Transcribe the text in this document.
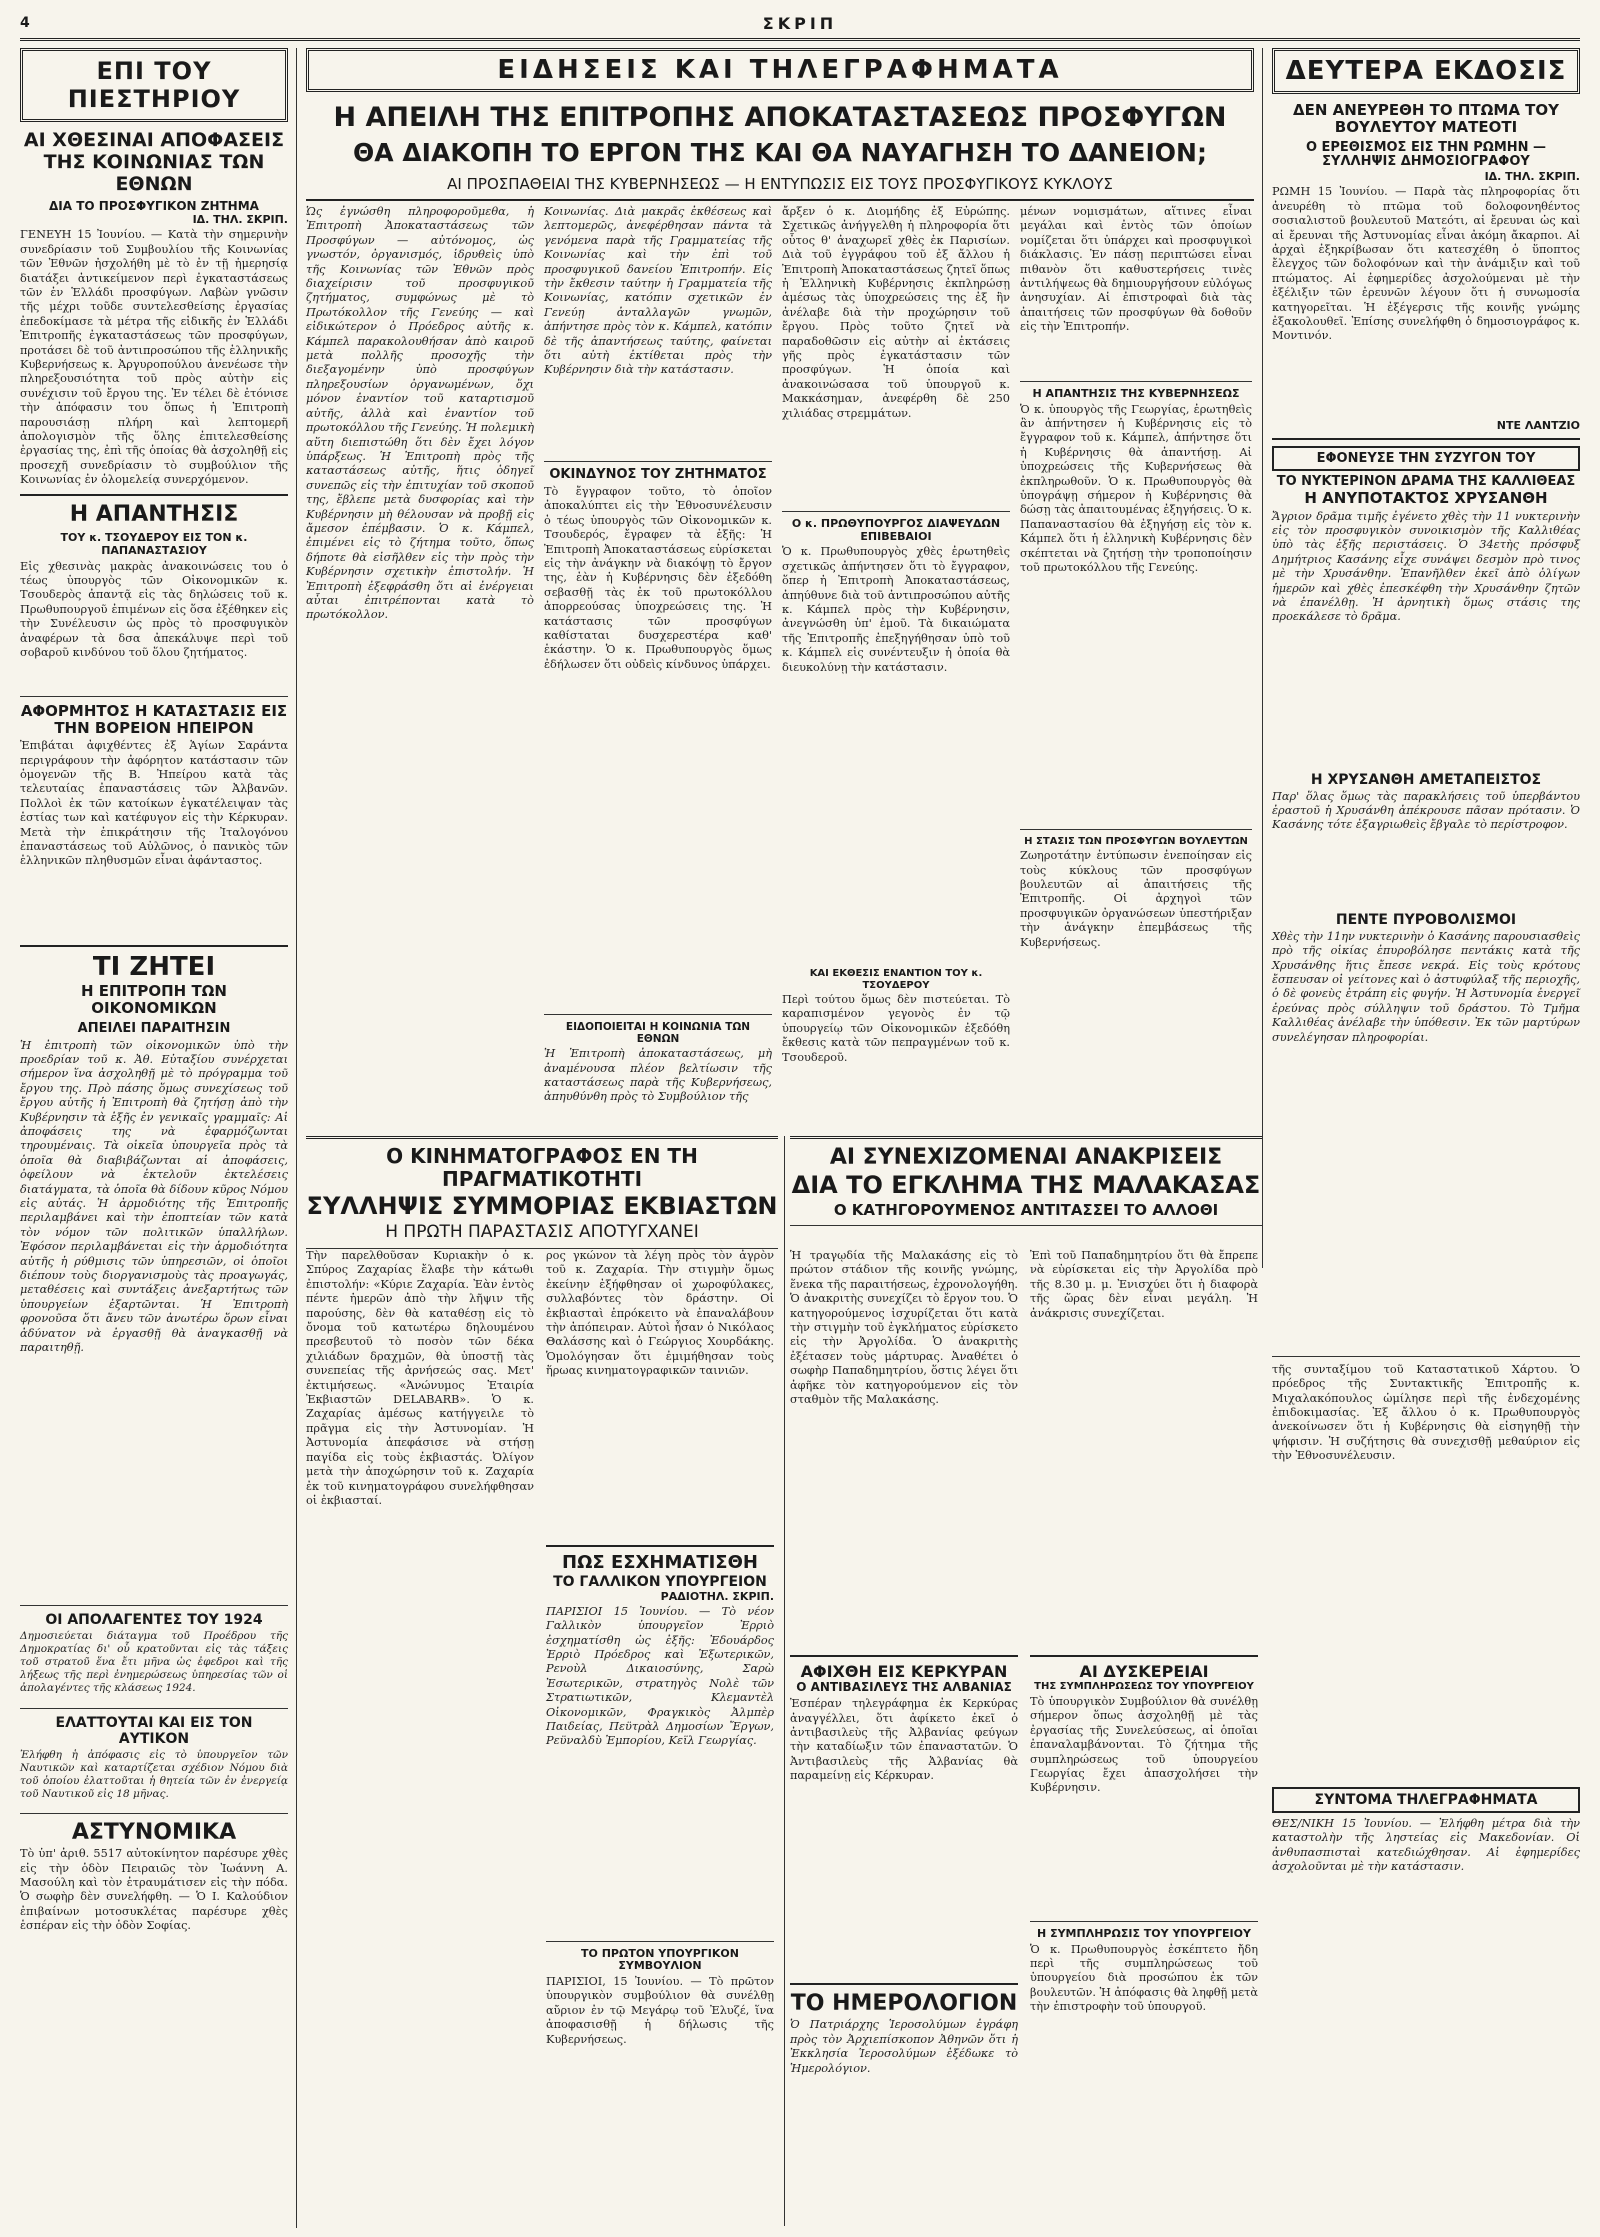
4	ΣΚΡΙΠ
ΕΠΙ ΤΟΥ ΠΙΕΣΤΗΡΙΟΥ
ΑΙ ΧΘΕΣΙΝΑΙ ΑΠΟΦΑΣΕΙΣ ΤΗΣ ΚΟΙΝΩΝΙΑΣ ΤΩΝ ΕΘΝΩΝ
ΔΙΑ ΤΟ ΠΡΟΣΦΥΓΙΚΟΝ ΖΗΤΗΜΑ
ΙΔ. ΤΗΛ. ΣΚΡΙΠ.
ΓΕΝΕΥΗ 15 Ἰουνίου. — Κατὰ τὴν σημερινὴν συνεδρίασιν τοῦ Συμβουλίου τῆς Κοινωνίας τῶν Ἐθνῶν ἠσχολήθη μὲ τὸ ἐν τῇ ἡμερησίᾳ διατάξει ἀντικείμενον περὶ ἐγκαταστάσεως τῶν ἐν Ἑλλάδι προσφύγων. Λαβὼν γνῶσιν τῆς μέχρι τοῦδε συντελεσθείσης ἐργασίας ἐπεδοκίμασε τὰ μέτρα τῆς εἰδικῆς ἐν Ἑλλάδι Ἐπιτροπῆς ἐγκαταστάσεως τῶν προσφύγων, προτάσει δὲ τοῦ ἀντιπροσώπου τῆς ἑλληνικῆς Κυβερνήσεως κ. Ἀργυροπούλου ἀνενέωσε τὴν πληρεξουσιότητα τοῦ πρὸς αὐτὴν εἰς συνέχισιν τοῦ ἔργου της. Ἐν τέλει δὲ ἐτόνισε τὴν ἀπόφασιν του ὅπως ἡ Ἐπιτροπὴ παρουσιάσῃ πλήρη καὶ λεπτομερῆ ἀπολογισμὸν τῆς ὅλης ἐπιτελεσθείσης ἐργασίας της, ἐπὶ τῆς ὁποίας θὰ ἀσχοληθῇ εἰς προσεχῆ συνεδρίασιν τὸ συμβούλιον τῆς Κοινωνίας ἐν ὁλομελείᾳ συνερχόμενον.
Η ΑΠΑΝΤΗΣΙΣ
ΤΟΥ κ. ΤΣΟΥΔΕΡΟΥ ΕΙΣ ΤΟΝ κ. ΠΑΠΑΝΑΣΤΑΣΙΟΥ
Εἰς χθεσινὰς μακρὰς ἀνακοινώσεις του ὁ τέως ὑπουργὸς τῶν Οἰκονομικῶν κ. Τσουδερὸς ἀπαντᾷ εἰς τὰς δηλώσεις τοῦ κ. Πρωθυπουργοῦ ἐπιμένων εἰς ὅσα ἐξέθηκεν εἰς τὴν Συνέλευσιν ὡς πρὸς τὸ προσφυγικὸν ἀναφέρων τὰ δσα ἀπεκάλυψε περὶ τοῦ σοβαροῦ κινδύνου τοῦ ὅλου ζητήματος.
ΑΦΟΡΜΗΤΟΣ Η ΚΑΤΑΣΤΑΣΙΣ ΕΙΣ ΤΗΝ ΒΟΡΕΙΟΝ ΗΠΕΙΡΟΝ
Ἐπιβάται ἀφιχθέντες ἐξ Ἁγίων Σαράντα περιγράφουν τὴν ἀφόρητον κατάστασιν τῶν ὁμογενῶν τῆς Β. Ἠπείρου κατὰ τὰς τελευταίας ἐπαναστάσεις τῶν Ἀλβανῶν. Πολλοὶ ἐκ τῶν κατοίκων ἐγκατέλειψαν τὰς ἑστίας των καὶ κατέφυγον εἰς τὴν Κέρκυραν. Μετὰ τὴν ἐπικράτησιν τῆς Ἰταλογόνου ἐπαναστάσεως τοῦ Αὐλῶνος, ὁ πανικὸς τῶν ἑλληνικῶν πληθυσμῶν εἶναι ἀφάνταστος.
ΤΙ ΖΗΤΕΙ
Η ΕΠΙΤΡΟΠΗ ΤΩΝ ΟΙΚΟΝΟΜΙΚΩΝ
ΑΠΕΙΛΕΙ ΠΑΡΑΙΤΗΣΙΝ
Ἡ ἐπιτροπὴ τῶν οἰκονομικῶν ὑπὸ τὴν προεδρίαν τοῦ κ. Ἀθ. Εὐταξίου συνέρχεται σήμερον ἵνα ἀσχοληθῇ μὲ τὸ πρόγραμμα τοῦ ἔργου της. Πρὸ πάσης ὅμως συνεχίσεως τοῦ ἔργου αὐτῆς ἡ Ἐπιτροπὴ θὰ ζητήσῃ ἀπὸ τὴν Κυβέρνησιν τὰ ἑξῆς ἐν γενικαῖς γραμμαῖς: Αἱ ἀποφάσεις της νὰ ἐφαρμόζωνται τηρουμέναις. Τὰ οἰκεῖα ὑπουργεῖα πρὸς τὰ ὁποῖα θὰ διαβιβάζωνται αἱ ἀποφάσεις, ὀφείλουν νὰ ἐκτελοῦν ἐκτελέσεις διατάγματα, τὰ ὁποῖα θὰ δίδουν κῦρος Νόμου εἰς αὐτάς. Ἡ ἁρμοδιότης τῆς Ἐπιτροπῆς περιλαμβάνει καὶ τὴν ἐποπτείαν τῶν κατὰ τὸν νόμον τῶν πολιτικῶν ὑπαλλήλων. Ἐφόσον περιλαμβάνεται εἰς τὴν ἁρμοδιότητα αὐτῆς ἡ ρύθμισις τῶν ὑπηρεσιῶν, οἱ ὁποῖοι διέπουν τοὺς διοργανισμοὺς τὰς προαγωγάς, μεταθέσεις καὶ συντάξεις ἀνεξαρτήτως τῶν ὑπουργείων ἐξαρτῶνται. Ἡ Ἐπιτροπὴ φρονοῦσα ὅτι ἄνευ τῶν ἀνωτέρω ὅρων εἶναι ἀδύνατον νὰ ἐργασθῇ θὰ ἀναγκασθῇ νὰ παραιτηθῇ.
ΟΙ ΑΠΟΛΑΓΕΝΤΕΣ ΤΟΥ 1924
Δημοσιεύεται διάταγμα τοῦ Προέδρου τῆς Δημοκρατίας δι' οὗ κρατοῦνται εἰς τὰς τάξεις τοῦ στρατοῦ ἕνα ἔτι μῆνα ὡς ἐφεδροι καὶ τῆς λήξεως τῆς περὶ ἐνημερώσεως ὑπηρεσίας τῶν οἱ ἀπολαγέντες τῆς κλάσεως 1924.
ΕΛΑΤΤΟΥΤΑΙ ΚΑΙ ΕΙΣ ΤΟΝ ΑΥΤΙΚΟΝ
Ἐλήφθη ἡ ἀπόφασις εἰς τὸ ὑπουργεῖον τῶν Ναυτικῶν καὶ καταρτίζεται σχέδιον Νόμου διὰ τοῦ ὁποίου ἐλαττοῦται ἡ θητεία τῶν ἐν ἐνεργείᾳ τοῦ Ναυτικοῦ εἰς 18 μῆνας.
ΑΣΤΥΝΟΜΙΚΑ
Τὸ ὑπ' ἀριθ. 5517 αὐτοκίνητον παρέσυρε χθὲς εἰς τὴν ὁδὸν Πειραιῶς τὸν Ἰωάννη Α. Μασούλη καὶ τὸν ἐτραυμάτισεν εἰς τὴν πόδα. Ὁ σωφὴρ δὲν συνελήφθη. — Ὁ Ι. Καλούδιον ἐπιβαίνων μοτοσυκλέτας παρέσυρε χθὲς ἑσπέραν εἰς τὴν ὁδὸν Σοφίας.
ΕΙΔΗΣΕΙΣ ΚΑΙ ΤΗΛΕΓΡΑΦΗΜΑΤΑ
Η ΑΠΕΙΛΗ ΤΗΣ ΕΠΙΤΡΟΠΗΣ ΑΠΟΚΑΤΑΣΤΑΣΕΩΣ ΠΡΟΣΦΥΓΩΝ
ΘΑ ΔΙΑΚΟΠΗ ΤΟ ΕΡΓΟΝ ΤΗΣ ΚΑΙ ΘΑ ΝΑΥΑΓΗΣΗ ΤΟ ΔΑΝΕΙΟΝ;
ΑΙ ΠΡΟΣΠΑΘΕΙΑΙ ΤΗΣ ΚΥΒΕΡΝΗΣΕΩΣ — Η ΕΝΤΥΠΩΣΙΣ ΕΙΣ ΤΟΥΣ ΠΡΟΣΦΥΓΙΚΟΥΣ ΚΥΚΛΟΥΣ
Ὡς ἐγνώσθη πληροφοροῦμεθα, ἡ Ἐπιτροπὴ Ἀποκαταστάσεως τῶν Προσφύγων — αὐτόνομος, ὡς γνωστόν, ὀργανισμός, ἱδρυθεὶς ὑπὸ τῆς Κοινωνίας τῶν Ἐθνῶν πρὸς διαχείρισιν τοῦ προσφυγικοῦ ζητήματος, συμφώνως μὲ τὸ Πρωτόκολλον τῆς Γενεύης — καὶ εἰδικώτερον ὁ Πρόεδρος αὐτῆς κ. Κάμπελ παρακολουθήσαν ἀπὸ καιροῦ μετὰ πολλῆς προσοχῆς τὴν διεξαγομένην ὑπὸ προσφύγων πληρεξουσίων ὀργανωμένων, ὅχι μόνον ἐναντίον τοῦ καταρτισμοῦ αὐτῆς, ἀλλὰ καὶ ἐναντίον τοῦ πρωτοκόλλου τῆς Γενεύης. Ἡ πολεμικὴ αὕτη διεπιστώθη ὅτι δὲν ἔχει λόγον ὑπάρξεως. Ἡ Ἐπιτροπὴ πρὸς τῆς καταστάσεως αὐτῆς, ἥτις ὁδηγεῖ συνεπῶς εἰς τὴν ἐπιτυχίαν τοῦ σκοποῦ της, ἔβλεπε μετὰ δυσφορίας καὶ τὴν Κυβέρνησιν μὴ θέλουσαν νὰ προβῇ εἰς ἄμεσον ἐπέμβασιν. Ὁ κ. Κάμπελ, ἐπιμένει εἰς τὸ ζήτημα τοῦτο, ὅπως δήποτε θὰ εἰσῆλθεν εἰς τὴν πρὸς τὴν Κυβέρνησιν σχετικὴν ἐπιστολήν. Ἡ Ἐπιτροπὴ ἐξεφράσθη ὅτι αἱ ἐνέργειαι αὗται ἐπιτρέπονται κατὰ τὸ πρωτόκολλον.
Κοινωνίας. Διὰ μακρᾶς ἐκθέσεως καὶ λεπτομερῶς, ἀνεφέρθησαν πάντα τὰ γενόμενα παρὰ τῆς Γραμματείας τῆς Κοινωνίας καὶ τὴν ἐπὶ τοῦ προσφυγικοῦ δανείου Ἐπιτροπήν. Εἰς τὴν ἔκθεσιν ταύτην ἡ Γραμματεία τῆς Κοινωνίας, κατόπιν σχετικῶν ἐν Γενεύῃ ἀνταλλαγῶν γνωμῶν, ἀπήντησε πρὸς τὸν κ. Κάμπελ, κατόπιν δὲ τῆς ἀπαντήσεως ταύτης, φαίνεται ὅτι αὐτὴ ἐκτίθεται πρὸς τὴν Κυβέρνησιν διὰ τὴν κατάστασιν.
ΟΚΙΝΔΥΝΟΣ ΤΟΥ ΖΗΤΗΜΑΤΟΣ
Τὸ ἔγγραφον τοῦτο, τὸ ὁποῖον ἀποκαλύπτει εἰς τὴν Ἐθνοσυνέλευσιν ὁ τέως ὑπουργὸς τῶν Οἰκονομικῶν κ. Τσουδερός, ἔγραφεν τὰ ἑξῆς: Ἡ Ἐπιτροπὴ Ἀποκαταστάσεως εὑρίσκεται εἰς τὴν ἀνάγκην νὰ διακόψῃ τὸ ἔργον της, ἐὰν ἡ Κυβέρνησις δὲν ἐξεδόθη σεβασθῇ τὰς ἐκ τοῦ πρωτοκόλλου ἀπορρεούσας ὑποχρεώσεις της. Ἡ κατάστασις τῶν προσφύγων καθίσταται δυσχερεστέρα καθ' ἑκάστην. Ὁ κ. Πρωθυπουργὸς ὅμως ἐδήλωσεν ὅτι οὐδεὶς κίνδυνος ὑπάρχει.
ἄρξεν ὁ κ. Διομήδης ἐξ Εὐρώπης. Σχετικῶς ἀνήγγελθη ἡ πληροφορία ὅτι οὗτος θ' ἀναχωρεῖ χθὲς ἐκ Παρισίων. Διὰ τοῦ ἐγγράφου τοῦ ἐξ ἄλλου ἡ Ἐπιτροπὴ Ἀποκαταστάσεως ζητεῖ ὅπως ἡ Ἑλληνικὴ Κυβέρνησις ἐκπληρώσῃ ἀμέσως τὰς ὑποχρεώσεις της ἐξ ἣν ἀνέλαβε διὰ τὴν προχώρησιν τοῦ ἔργου. Πρὸς τοῦτο ζητεῖ νὰ παραδοθῶσιν εἰς αὐτὴν αἱ ἐκτάσεις γῆς πρὸς ἐγκατάστασιν τῶν προσφύγων. Ἡ ὁποία καὶ ἀνακοινώσασα τοῦ ὑπουργοῦ κ. Μακκάσημαν, ἀνεφέρθη δὲ 250 χιλιάδας στρεμμάτων.
Ο κ. ΠΡΩΘΥΠΟΥΡΓΟΣ ΔΙΑΨΕΥΔΩΝ ΕΠΙΒΕΒΑΙΟΙ
Ὁ κ. Πρωθυπουργὸς χθὲς ἐρωτηθεὶς σχετικῶς ἀπήντησεν ὅτι τὸ ἔγγραφον, ὅπερ ἡ Ἐπιτροπὴ Ἀποκαταστάσεως, ἀπηύθυνε διὰ τοῦ ἀντιπροσώπου αὐτῆς κ. Κάμπελ πρὸς τὴν Κυβέρνησιν, ἀνεγνώσθη ὑπ' ἐμοῦ. Τὰ δικαιώματα τῆς Ἐπιτροπῆς ἐπεξηγήθησαν ὑπὸ τοῦ κ. Κάμπελ εἰς συνέντευξιν ἡ ὁποία θὰ διευκολύνῃ τὴν κατάστασιν.
μένων νομισμάτων, αἵτινες εἶναι μεγάλαι καὶ ἐντὸς τῶν ὁποίων νομίζεται ὅτι ὑπάρχει καὶ προσφυγικοὶ διάκλασις. Ἐν πάσῃ περιπτώσει εἶναι πιθανὸν ὅτι καθυστερήσεις τινὲς ἀντιλήψεως θὰ δημιουργήσουν εὐλόγως ἀνησυχίαν. Αἱ ἐπιστροφαὶ διὰ τὰς ἀπαιτήσεις τῶν προσφύγων θὰ δοθοῦν εἰς τὴν Ἐπιτροπήν.
Η ΑΠΑΝΤΗΣΙΣ ΤΗΣ ΚΥΒΕΡΝΗΣΕΩΣ
Ὁ κ. ὑπουργὸς τῆς Γεωργίας, ἐρωτηθεὶς ἂν ἀπήντησεν ἡ Κυβέρνησις εἰς τὸ ἔγγραφον τοῦ κ. Κάμπελ, ἀπήντησε ὅτι ἡ Κυβέρνησις θὰ ἀπαντήσῃ. Αἱ ὑποχρεώσεις τῆς Κυβερνήσεως θὰ ἐκπληρωθοῦν. Ὁ κ. Πρωθυπουργὸς θὰ ὑπογράψῃ σήμερον ἡ Κυβέρνησις θὰ δώσῃ τὰς ἀπαιτουμένας ἐξηγήσεις. Ὁ κ. Παπαναστασίου θὰ ἐξηγήσῃ εἰς τὸν κ. Κάμπελ ὅτι ἡ ἑλληνικὴ Κυβέρνησις δὲν σκέπτεται νὰ ζητήσῃ τὴν τροποποίησιν τοῦ πρωτοκόλλου τῆς Γενεύης.
Η ΣΤΑΣΙΣ ΤΩΝ ΠΡΟΣΦΥΓΩΝ ΒΟΥΛΕΥΤΩΝ
Ζωηροτάτην ἐντύπωσιν ἐνεποίησαν εἰς τοὺς κύκλους τῶν προσφύγων βουλευτῶν αἱ ἀπαιτήσεις τῆς Ἐπιτροπῆς. Οἱ ἀρχηγοὶ τῶν προσφυγικῶν ὀργανώσεων ὑπεστήριξαν τὴν ἀνάγκην ἐπεμβάσεως τῆς Κυβερνήσεως.
ΕΙΔΟΠΟΙΕΙΤΑΙ Η ΚΟΙΝΩΝΙΑ ΤΩΝ ΕΘΝΩΝ
Ἡ Ἐπιτροπὴ ἀποκαταστάσεως, μὴ ἀναμένουσα πλέον βελτίωσιν τῆς καταστάσεως παρὰ τῆς Κυβερνήσεως, ἀπηυθύνθη πρὸς τὸ Συμβούλιον τῆς
ΔΕΥΤΕΡΑ ΕΚΔΟΣΙΣ
ΔΕΝ ΑΝΕΥΡΕΘΗ ΤΟ ΠΤΩΜΑ ΤΟΥ ΒΟΥΛΕΥΤΟΥ ΜΑΤΕΟΤΙ
Ο ΕΡΕΘΙΣΜΟΣ ΕΙΣ ΤΗΝ ΡΩΜΗΝ — ΣΥΛΛΗΨΙΣ ΔΗΜΟΣΙΟΓΡΑΦΟΥ
ΙΔ. ΤΗΛ. ΣΚΡΙΠ.
ΡΩΜΗ 15 Ἰουνίου. — Παρὰ τὰς πληροφορίας ὅτι ἀνευρέθη τὸ πτῶμα τοῦ δολοφονηθέντος σοσιαλιστοῦ βουλευτοῦ Ματεότι, αἱ ἔρευναι ὡς καὶ αἱ ἔρευναι τῆς Ἀστυνομίας εἶναι ἀκόμη ἄκαρποι. Αἱ ἀρχαὶ ἐξηκρίβωσαν ὅτι κατεσχέθη ὁ ὕποπτος ἔλεγχος τῶν δολοφόνων καὶ τὴν ἀνάμιξιν καὶ τοῦ πτώματος. Αἱ ἐφημερίδες ἀσχολούμεναι μὲ τὴν ἐξέλιξιν τῶν ἐρευνῶν λέγουν ὅτι ἡ συνωμοσία κατηγορεῖται. Ἡ ἐξέγερσις τῆς κοινῆς γνώμης ἐξακολουθεῖ. Ἐπίσης συνελήφθη ὁ δημοσιογράφος κ. Μοντινόν.
ΝΤΕ ΛΑΝΤΖΙΟ
ΕΦΟΝΕΥΣΕ ΤΗΝ ΣΥΖΥΓΟΝ ΤΟΥ
ΤΟ ΝΥΚΤΕΡΙΝΟΝ ΔΡΑΜΑ ΤΗΣ ΚΑΛΛΙΘΕΑΣ
Η ΑΝΥΠΟΤΑΚΤΟΣ ΧΡΥΣΑΝΘΗ
Ἄγριον δρᾶμα τιμῆς ἐγένετο χθὲς τὴν 11 νυκτερινὴν εἰς τὸν προσφυγικὸν συνοικισμὸν τῆς Καλλιθέας ὑπὸ τὰς ἑξῆς περιστάσεις. Ὁ 34ετὴς πρόσφυξ Δημήτριος Κασάνης εἶχε συνάψει δεσμὸν πρὸ τινος μὲ τὴν Χρυσάνθην. Ἐπανῆλθεν ἐκεῖ ἀπὸ ὀλίγων ἡμερῶν καὶ χθὲς ἐπεσκέφθη τὴν Χρυσάνθην ζητῶν νὰ ἐπανέλθῃ. Ἡ ἀρνητικὴ ὅμως στάσις της προεκάλεσε τὸ δρᾶμα.
Η ΧΡΥΣΑΝΘΗ ΑΜΕΤΑΠΕΙΣΤΟΣ
Παρ' ὅλας ὅμως τὰς παρακλήσεις τοῦ ὑπερβάντου ἐραστοῦ ἡ Χρυσάνθη ἀπέκρουσε πᾶσαν πρότασιν. Ὁ Κασάνης τότε ἐξαγριωθεὶς ἔβγαλε τὸ περίστροφον.
ΠΕΝΤΕ ΠΥΡΟΒΟΛΙΣΜΟΙ
Χθὲς τὴν 11ην νυκτερινὴν ὁ Κασάνης παρουσιασθεὶς πρὸ τῆς οἰκίας ἐπυροβόλησε πεντάκις κατὰ τῆς Χρυσάνθης ἥτις ἔπεσε νεκρά. Εἰς τοὺς κρότους ἔσπευσαν οἱ γείτονες καὶ ὁ ἀστυφύλαξ τῆς περιοχῆς, ὁ δὲ φονεὺς ἐτράπη εἰς φυγήν. Ἡ Ἀστυνομία ἐνεργεῖ ἐρεύνας πρὸς σύλληψιν τοῦ δράστου. Τὸ Τμῆμα Καλλιθέας ἀνέλαβε τὴν ὑπόθεσιν. Ἐκ τῶν μαρτύρων συνελέγησαν πληροφορίαι.
τῆς συνταξίμου τοῦ Καταστατικοῦ Χάρτου. Ὁ πρόεδρος τῆς Συντακτικῆς Ἐπιτροπῆς κ. Μιχαλακόπουλος ὡμίλησε περὶ τῆς ἐνδεχομένης ἐπιδοκιμασίας. Ἐξ ἄλλου ὁ κ. Πρωθυπουργὸς ἀνεκοίνωσεν ὅτι ἡ Κυβέρνησις θὰ εἰσηγηθῇ τὴν ψήφισιν. Ἡ συζήτησις θὰ συνεχισθῇ μεθαύριον εἰς τὴν Ἐθνοσυνέλευσιν.
ΣΥΝΤΟΜΑ ΤΗΛΕΓΡΑΦΗΜΑΤΑ
ΘΕΣ/ΝΙΚΗ 15 Ἰουνίου. — Ἐλήφθη μέτρα διὰ τὴν καταστολὴν τῆς ληστείας εἰς Μακεδονίαν. Οἱ ἀνθυπασπισταὶ κατεδιώχθησαν. Αἱ ἐφημερίδες ἀσχολοῦνται μὲ τὴν κατάστασιν.
Ο ΚΙΝΗΜΑΤΟΓΡΑΦΟΣ ΕΝ ΤΗ ΠΡΑΓΜΑΤΙΚΟΤΗΤΙ
ΣΥΛΛΗΨΙΣ ΣΥΜΜΟΡΙΑΣ ΕΚΒΙΑΣΤΩΝ
Η ΠΡΩΤΗ ΠΑΡΑΣΤΑΣΙΣ ΑΠΟΤΥΓΧΑΝΕΙ
Τὴν παρελθοῦσαν Κυριακὴν ὁ κ. Σπύρος Ζαχαρίας ἔλαβε τὴν κάτωθι ἐπιστολήν: «Κύριε Ζαχαρία. Ἐὰν ἐντὸς πέντε ἡμερῶν ἀπὸ τὴν λῆψιν τῆς παρούσης, δὲν θὰ καταθέσῃ εἰς τὸ ὄνομα τοῦ κατωτέρω δηλουμένου πρεσβευτοῦ τὸ ποσὸν τῶν δέκα χιλιάδων δραχμῶν, θὰ ὑποστῇ τὰς συνεπείας τῆς ἀρνήσεώς σας. Μετ' ἐκτιμήσεως. «Ἀνώνυμος Ἑταιρία Ἐκβιαστῶν DELABARB». Ὁ κ. Ζαχαρίας ἀμέσως κατήγγειλε τὸ πρᾶγμα εἰς τὴν Ἀστυνομίαν. Ἡ Ἀστυνομία ἀπεφάσισε νὰ στήσῃ παγίδα εἰς τοὺς ἐκβιαστάς. Ὀλίγον μετὰ τὴν ἀποχώρησιν τοῦ κ. Ζαχαρία ἐκ τοῦ κινηματογράφου συνελήφθησαν οἱ ἐκβιασταί.
ρος γκώνον τὰ λέγη πρὸς τὸν ἀγρὸν τοῦ κ. Ζαχαρία. Τὴν στιγμὴν ὅμως ἐκείνην ἐξήφθησαν οἱ χωροφύλακες, συλλαβόντες τὸν δράστην. Οἱ ἐκβιασταὶ ἐπρόκειτο νὰ ἐπαναλάβουν τὴν ἀπόπειραν. Αὐτοὶ ἦσαν ὁ Νικόλαος Θαλάσσης καὶ ὁ Γεώργιος Χουρδάκης. Ὁμολόγησαν ὅτι ἐμιμήθησαν τοὺς ἥρωας κινηματογραφικῶν ταινιῶν.
ΠΩΣ ΕΣΧΗΜΑΤΙΣΘΗ
ΤΟ ΓΑΛΛΙΚΟΝ ΥΠΟΥΡΓΕΙΟΝ
ΡΑΔΙΟΤΗΛ. ΣΚΡΙΠ.
ΠΑΡΙΣΙΟΙ 15 Ἰουνίου. — Τὸ νέον Γαλλικὸν ὑπουργεῖον Ἐρριὸ ἐσχηματίσθη ὡς ἑξῆς: Ἐδουάρδος Ἐρριὸ Πρόεδρος καὶ Ἐξωτερικῶν, Ρενοὺλ Δικαιοσύνης, Σαρὼ Ἐσωτερικῶν, στρατηγὸς Νολὲ τῶν Στρατιωτικῶν, Κλεμαντὲλ Οἰκονομικῶν, Φραγκικὸς Ἀλμπὲρ Παιδείας, Πεϋτρὰλ Δημοσίων Ἔργων, Ρεϋναλδὺ Ἐμπορίου, Κεϊλ Γεωργίας.
ΤΟ ΠΡΩΤΟΝ ΥΠΟΥΡΓΙΚΟΝ ΣΥΜΒΟΥΛΙΟΝ
ΠΑΡΙΣΙΟΙ, 15 Ἰουνίου. — Τὸ πρῶτον ὑπουργικὸν συμβούλιον θὰ συνέλθῃ αὔριον ἐν τῷ Μεγάρῳ τοῦ Ἐλυζέ, ἵνα ἀποφασισθῇ ἡ δήλωσις τῆς Κυβερνήσεως.
ΑΙ ΣΥΝΕΧΙΖΟΜΕΝΑΙ ΑΝΑΚΡΙΣΕΙΣ
ΔΙΑ ΤΟ ΕΓΚΛΗΜΑ ΤΗΣ ΜΑΛΑΚΑΣΑΣ
Ο ΚΑΤΗΓΟΡΟΥΜΕΝΟΣ ΑΝΤΙΤΑΣΣΕΙ ΤΟ ΑΛΛΟΘΙ
Ἡ τραγῳδία τῆς Μαλακάσης εἰς τὸ πρώτον στάδιον τῆς κοινῆς γνώμης, ἕνεκα τῆς παραιτήσεως, ἐχρονολογήθη. Ὁ ἀνακριτὴς συνεχίζει τὸ ἔργον του. Ὁ κατηγορούμενος ἰσχυρίζεται ὅτι κατὰ τὴν στιγμὴν τοῦ ἐγκλήματος εὑρίσκετο εἰς τὴν Ἀργολίδα. Ὁ ἀνακριτὴς ἐξέτασεν τοὺς μάρτυρας. Ἀναθέτει ὁ σωφὴρ Παπαδημητρίου, ὅστις λέγει ὅτι ἀφῆκε τὸν κατηγορούμενον εἰς τὸν σταθμὸν τῆς Μαλακάσης.
ΑΦΙΧΘΗ ΕΙΣ ΚΕΡΚΥΡΑΝ
Ο ΑΝΤΙΒΑΣΙΛΕΥΣ ΤΗΣ ΑΛΒΑΝΙΑΣ
Ἐσπέραν τηλεγράφημα ἐκ Κερκύρας ἀναγγέλλει, ὅτι ἀφίκετο ἐκεῖ ὁ ἀντιβασιλεὺς τῆς Ἀλβανίας φεύγων τὴν καταδίωξιν τῶν ἐπαναστατῶν. Ὁ Ἀντιβασιλεὺς τῆς Ἀλβανίας θὰ παραμείνῃ εἰς Κέρκυραν.
ΤΟ ΗΜΕΡΟΛΟΓΙΟΝ
Ὁ Πατριάρχης Ἱεροσολύμων ἐγράφη πρὸς τὸν Ἀρχιεπίσκοπον Ἀθηνῶν ὅτι ἡ Ἐκκλησία Ἱεροσολύμων ἐξέδωκε τὸ Ἡμερολόγιον.
Ἐπὶ τοῦ Παπαδημητρίου ὅτι θὰ ἔπρεπε νὰ εὑρίσκεται εἰς τὴν Ἀργολίδα πρὸ τῆς 8.30 μ. μ. Ἐνισχύει ὅτι ἡ διαφορὰ τῆς ὥρας δὲν εἶναι μεγάλη. Ἡ ἀνάκρισις συνεχίζεται.
ΑΙ ΔΥΣΚΕΡΕΙΑΙ
ΤΗΣ ΣΥΜΠΛΗΡΩΣΕΩΣ ΤΟΥ ΥΠΟΥΡΓΕΙΟΥ
Τὸ ὑπουργικὸν Συμβούλιον θὰ συνέλθῃ σήμερον ὅπως ἀσχοληθῇ μὲ τὰς ἐργασίας τῆς Συνελεύσεως, αἱ ὁποῖαι ἐπαναλαμβάνονται. Τὸ ζήτημα τῆς συμπληρώσεως τοῦ ὑπουργείου Γεωργίας ἔχει ἀπασχολήσει τὴν Κυβέρνησιν.
Η ΣΥΜΠΛΗΡΩΣΙΣ ΤΟΥ ΥΠΟΥΡΓΕΙΟΥ
Ὁ κ. Πρωθυπουργὸς ἐσκέπτετο ἤδη περὶ τῆς συμπληρώσεως τοῦ ὑπουργείου διὰ προσώπου ἐκ τῶν βουλευτῶν. Ἡ ἀπόφασις θὰ ληφθῇ μετὰ τὴν ἐπιστροφὴν τοῦ ὑπουργοῦ.
ΚΑΙ ΕΚΘΕΣΙΣ ΕΝΑΝΤΙΟΝ ΤΟΥ κ. ΤΣΟΥΔΕΡΟΥ
Περὶ τούτου ὅμως δὲν πιστεύεται. Τὸ καραπισμένον γεγονὸς ἐν τῷ ὑπουργείῳ τῶν Οἰκονομικῶν ἐξεδόθη ἔκθεσις κατὰ τῶν πεπραγμένων τοῦ κ. Τσουδεροῦ.
